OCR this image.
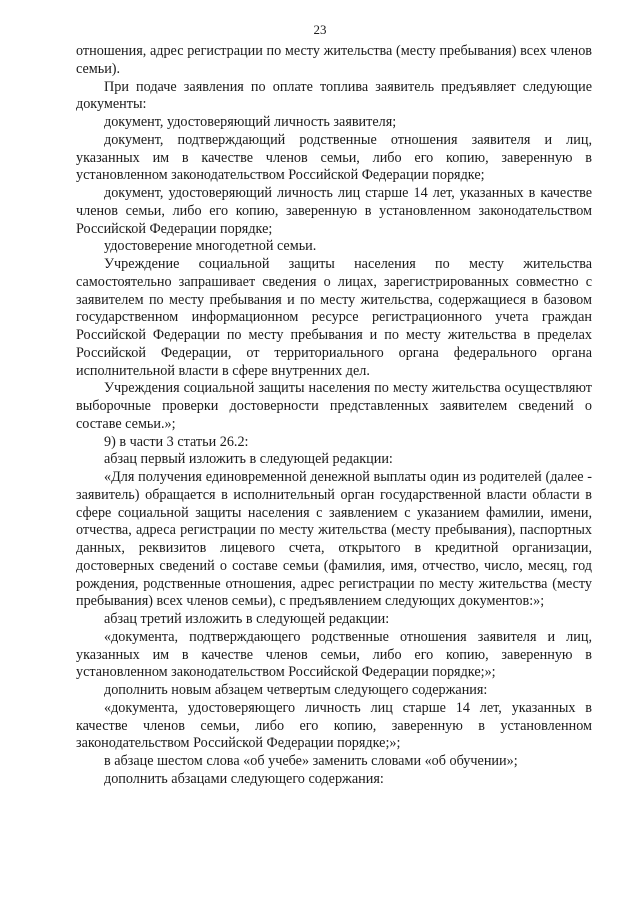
23

отношения, адрес регистрации по месту жительства (месту пребывания) всех членов семьи).

При подаче заявления по оплате топлива заявитель предъявляет следующие документы:

документ, удостоверяющий личность заявителя;

документ, подтверждающий родственные отношения заявителя и лиц, указанных им в качестве членов семьи, либо его копию, заверенную в установленном законодательством Российской Федерации порядке;

документ, удостоверяющий личность лиц старше 14 лет, указанных в качестве членов семьи, либо его копию, заверенную в установленном законодательством Российской Федерации порядке;

удостоверение многодетной семьи.

Учреждение социальной защиты населения по месту жительства самостоятельно запрашивает сведения о лицах, зарегистрированных совместно с заявителем по месту пребывания и по месту жительства, содержащиеся в базовом государственном информационном ресурсе регистрационного учета граждан Российской Федерации по месту пребывания и по месту жительства в пределах Российской Федерации, от территориального органа федерального органа исполнительной власти в сфере внутренних дел.

Учреждения социальной защиты населения по месту жительства осуществляют выборочные проверки достоверности представленных заявителем сведений о составе семьи.»;

9) в части 3 статьи 26.2:

абзац первый изложить в следующей редакции:

«Для получения единовременной денежной выплаты один из родителей (далее - заявитель) обращается в исполнительный орган государственной власти области в сфере социальной защиты населения с заявлением с указанием фамилии, имени, отчества, адреса регистрации по месту жительства (месту пребывания), паспортных данных, реквизитов лицевого счета, открытого в кредитной организации, достоверных сведений о составе семьи (фамилия, имя, отчество, число, месяц, год рождения, родственные отношения, адрес регистрации по месту жительства (месту пребывания) всех членов семьи), с предъявлением следующих документов:»;

абзац третий изложить в следующей редакции:

«документа, подтверждающего родственные отношения заявителя и лиц, указанных им в качестве членов семьи, либо его копию, заверенную в установленном законодательством Российской Федерации порядке;»;

дополнить новым абзацем четвертым следующего содержания:

«документа, удостоверяющего личность лиц старше 14 лет, указанных в качестве членов семьи, либо его копию, заверенную в установленном законодательством Российской Федерации порядке;»;

в абзаце шестом слова «об учебе» заменить словами «об обучении»;

дополнить абзацами следующего содержания:
